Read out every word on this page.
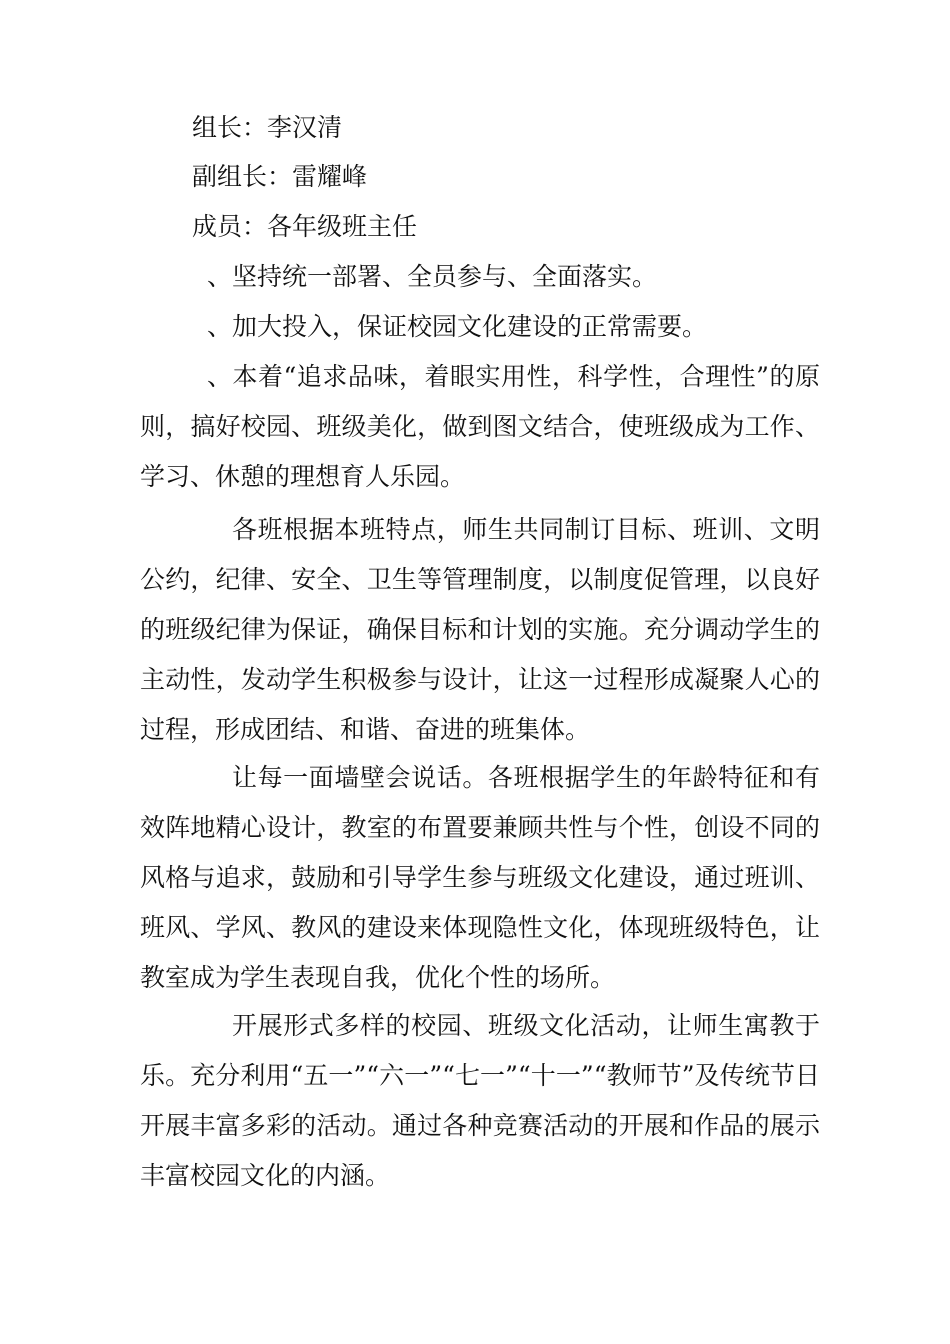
组长：李汉清
副组长：雷耀峰
成员：各年级班主任
、坚持统一部署、全员参与、全面落实。
、加大投入，保证校园文化建设的正常需要。
、本着“追求品味，着眼实用性，科学性，合理性”的原则，搞好校园、班级美化，做到图文结合，使班级成为工作、学习、休憩的理想育人乐园。
各班根据本班特点，师生共同制订目标、班训、文明公约，纪律、安全、卫生等管理制度，以制度促管理，以良好的班级纪律为保证，确保目标和计划的实施。充分调动学生的主动性，发动学生积极参与设计，让这一过程形成凝聚人心的过程，形成团结、和谐、奋进的班集体。
让每一面墙壁会说话。各班根据学生的年龄特征和有效阵地精心设计，教室的布置要兼顾共性与个性，创设不同的风格与追求，鼓励和引导学生参与班级文化建设，通过班训、班风、学风、教风的建设来体现隐性文化，体现班级特色，让教室成为学生表现自我，优化个性的场所。
开展形式多样的校园、班级文化活动，让师生寓教于乐。充分利用“五一”“六一”“七一”“十一”“教师节”及传统节日开展丰富多彩的活动。通过各种竞赛活动的开展和作品的展示丰富校园文化的内涵。
